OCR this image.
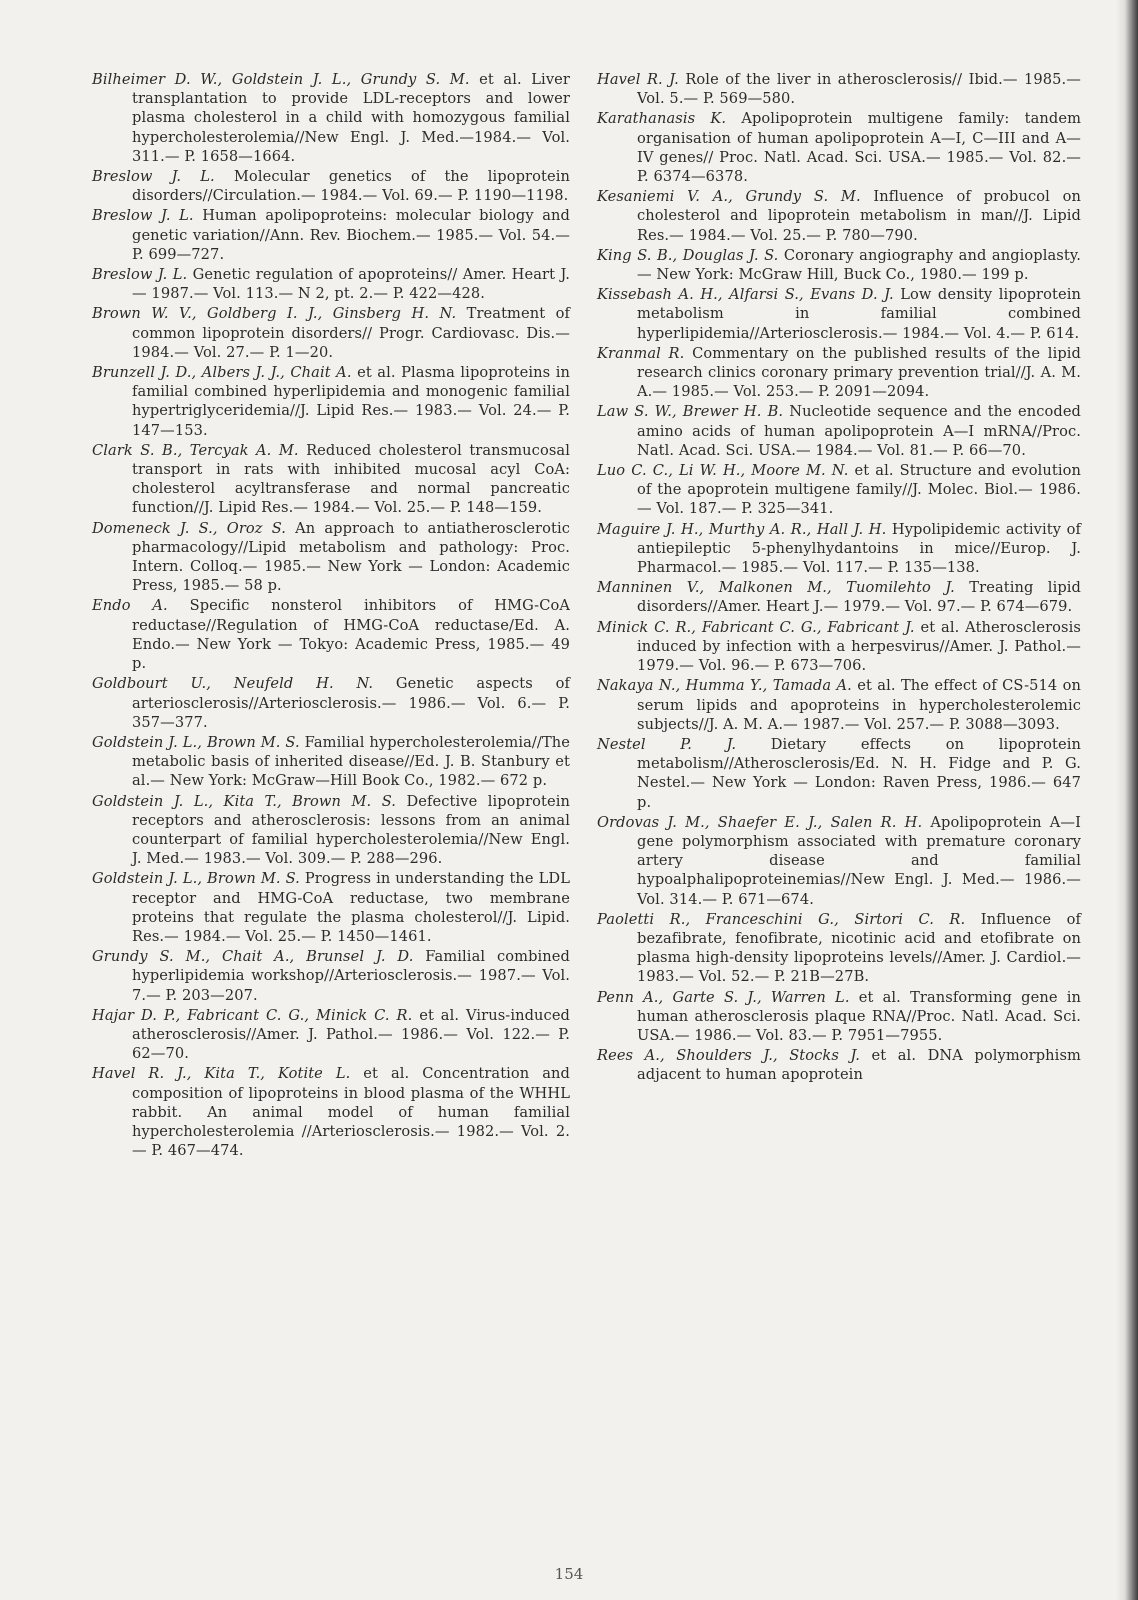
Bilheimer D. W., Goldstein J. L., Grundy S. M. et al. Liver transplantation to provide LDL-receptors and lower plasma cholesterol in a child with homozygous familial hypercholesterolemia//New Engl. J. Med.—1984.— Vol. 311.— P. 1658—1664.

Breslow J. L. Molecular genetics of the lipoprotein disorders//Circulation.— 1984.— Vol. 69.— P. 1190—1198.

Breslow J. L. Human apolipoproteins: molecular biology and genetic variation//Ann. Rev. Biochem.— 1985.— Vol. 54.— P. 699—727.

Breslow J. L. Genetic regulation of apoproteins// Amer. Heart J.— 1987.— Vol. 113.— N 2, pt. 2.— P. 422—428.

Brown W. V., Goldberg I. J., Ginsberg H. N. Treatment of common lipoprotein disorders// Progr. Cardiovasc. Dis.— 1984.— Vol. 27.— P. 1—20.

Brunzell J. D., Albers J. J., Chait A. et al. Plasma lipoproteins in familial combined hyperlipidemia and monogenic familial hypertriglyceridemia//J. Lipid Res.— 1983.— Vol. 24.— P. 147—153.

Clark S. B., Tercyak A. M. Reduced cholesterol transmucosal transport in rats with inhibited mucosal acyl CoA: cholesterol acyltransferase and normal pancreatic function//J. Lipid Res.— 1984.— Vol. 25.— P. 148—159.

Domeneck J. S., Oroz S. An approach to antiatherosclerotic pharmacology//Lipid metabolism and pathology: Proc. Intern. Colloq.— 1985.— New York — London: Academic Press, 1985.— 58 p.

Endo A. Specific nonsterol inhibitors of HMG-CoA reductase//Regulation of HMG-CoA reductase/Ed. A. Endo.— New York — Tokyo: Academic Press, 1985.— 49 p.

Goldbourt U., Neufeld H. N. Genetic aspects of arteriosclerosis//Arteriosclerosis.— 1986.— Vol. 6.— P. 357—377.

Goldstein J. L., Brown M. S. Familial hypercholesterolemia//The metabolic basis of inherited disease//Ed. J. B. Stanbury et al.— New York: McGraw—Hill Book Co., 1982.— 672 p.

Goldstein J. L., Kita T., Brown M. S. Defective lipoprotein receptors and atherosclerosis: lessons from an animal counterpart of familial hypercholesterolemia//New Engl. J. Med.— 1983.— Vol. 309.— P. 288—296.

Goldstein J. L., Brown M. S. Progress in understanding the LDL receptor and HMG-CoA reductase, two membrane proteins that regulate the plasma cholesterol//J. Lipid. Res.— 1984.— Vol. 25.— P. 1450—1461.

Grundy S. M., Chait A., Brunsel J. D. Familial combined hyperlipidemia workshop//Arteriosclerosis.— 1987.— Vol. 7.— P. 203—207.

Hajar D. P., Fabricant C. G., Minick C. R. et al. Virus-induced atherosclerosis//Amer. J. Pathol.— 1986.— Vol. 122.— P. 62—70.

Havel R. J., Kita T., Kotite L. et al. Concentration and composition of lipoproteins in blood plasma of the WHHL rabbit. An animal model of human familial hypercholesterolemia //Arteriosclerosis.— 1982.— Vol. 2.— P. 467—474.

Havel R. J. Role of the liver in atherosclerosis// Ibid.— 1985.— Vol. 5.— P. 569—580.

Karathanasis K. Apolipoprotein multigene family: tandem organisation of human apolipoprotein A—I, C—III and A—IV genes// Proc. Natl. Acad. Sci. USA.— 1985.— Vol. 82.— P. 6374—6378.

Kesaniemi V. A., Grundy S. M. Influence of probucol on cholesterol and lipoprotein metabolism in man//J. Lipid Res.— 1984.— Vol. 25.— P. 780—790.

King S. B., Douglas J. S. Coronary angiography and angioplasty.— New York: McGraw Hill, Buck Co., 1980.— 199 p.

Kissebash A. H., Alfarsi S., Evans D. J. Low density lipoprotein metabolism in familial combined hyperlipidemia//Arteriosclerosis.— 1984.— Vol. 4.— P. 614.

Kranmal R. Commentary on the published results of the lipid research clinics coronary primary prevention trial//J. A. M. A.— 1985.— Vol. 253.— P. 2091—2094.

Law S. W., Brewer H. B. Nucleotide sequence and the encoded amino acids of human apolipoprotein A—I mRNA//Proc. Natl. Acad. Sci. USA.— 1984.— Vol. 81.— P. 66—70.

Luo C. C., Li W. H., Moore M. N. et al. Structure and evolution of the apoprotein multigene family//J. Molec. Biol.— 1986.— Vol. 187.— P. 325—341.

Maguire J. H., Murthy A. R., Hall J. H. Hypolipidemic activity of antiepileptic 5-phenylhydantoins in mice//Europ. J. Pharmacol.— 1985.— Vol. 117.— P. 135—138.

Manninen V., Malkonen M., Tuomilehto J. Treating lipid disorders//Amer. Heart J.— 1979.— Vol. 97.— P. 674—679.

Minick C. R., Fabricant C. G., Fabricant J. et al. Atherosclerosis induced by infection with a herpesvirus//Amer. J. Pathol.— 1979.— Vol. 96.— P. 673—706.

Nakaya N., Humma Y., Tamada A. et al. The effect of CS-514 on serum lipids and apoproteins in hypercholesterolemic subjects//J. A. M. A.— 1987.— Vol. 257.— P. 3088—3093.

Nestel P. J. Dietary effects on lipoprotein metabolism//Atherosclerosis/Ed. N. H. Fidge and P. G. Nestel.— New York — London: Raven Press, 1986.— 647 p.

Ordovas J. M., Shaefer E. J., Salen R. H. Apolipoprotein A—I gene polymorphism associated with premature coronary artery disease and familial hypoalphalipoproteinemias//New Engl. J. Med.— 1986.— Vol. 314.— P. 671—674.

Paoletti R., Franceschini G., Sirtori C. R. Influence of bezafibrate, fenofibrate, nicotinic acid and etofibrate on plasma high-density lipoproteins levels//Amer. J. Cardiol.— 1983.— Vol. 52.— P. 21B—27B.

Penn A., Garte S. J., Warren L. et al. Transforming gene in human atherosclerosis plaque RNA//Proc. Natl. Acad. Sci. USA.— 1986.— Vol. 83.— P. 7951—7955.

Rees A., Shoulders J., Stocks J. et al. DNA polymorphism adjacent to human apoprotein

154
